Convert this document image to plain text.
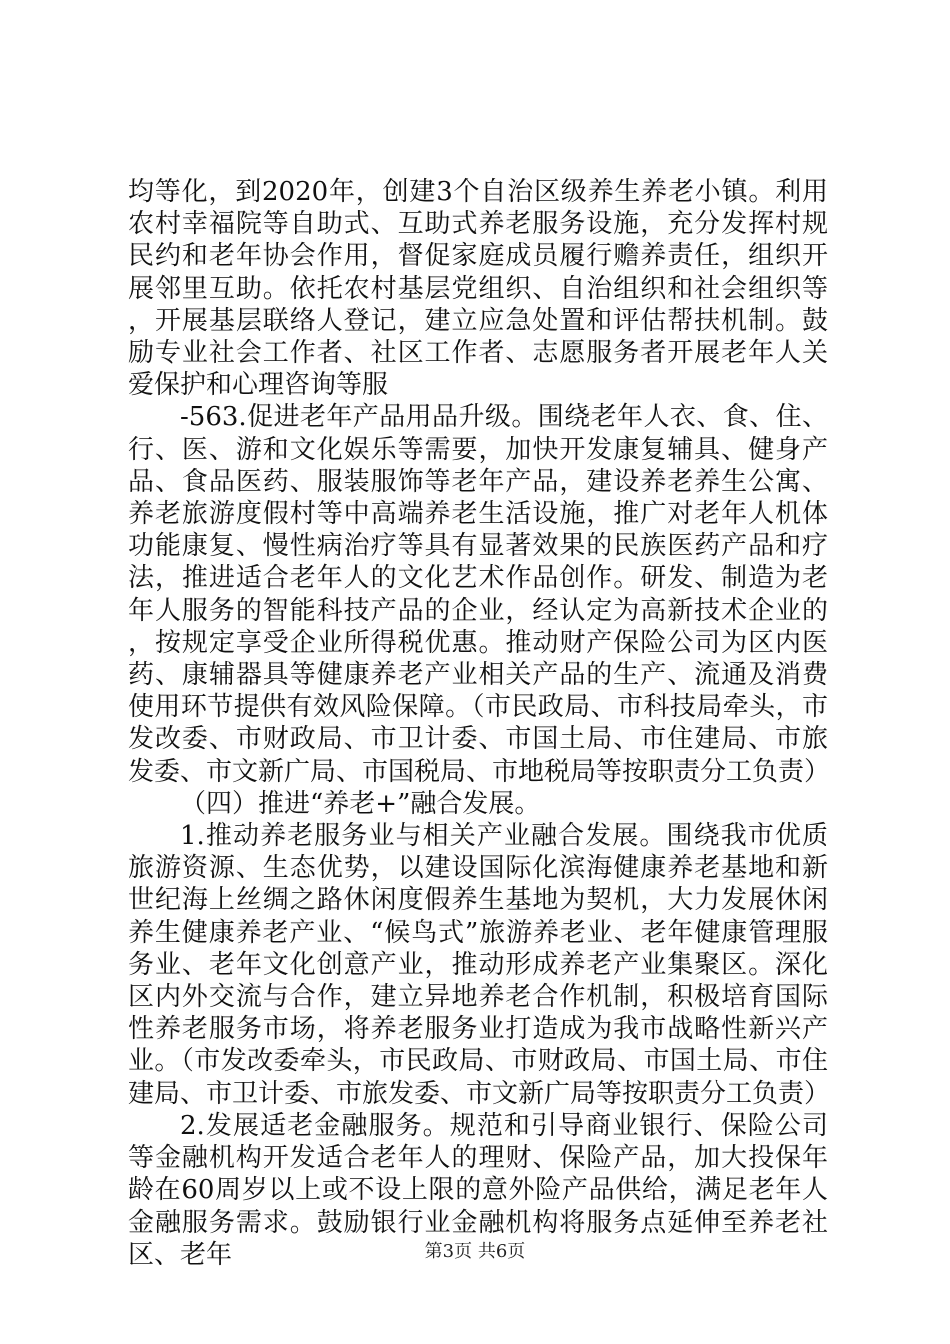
均等化，到2020年，创建3个自治区级养生养老小镇。利用农村幸福院等自助式、互助式养老服务设施，充分发挥村规民约和老年协会作用，督促家庭成员履行赡养责任，组织开展邻里互助。依托农村基层党组织、自治组织和社会组织等，开展基层联络人登记，建立应急处置和评估帮扶机制。鼓励专业社会工作者、社区工作者、志愿服务者开展老年人关爱保护和心理咨询等服

-563.促进老年产品用品升级。围绕老年人衣、食、住、行、医、游和文化娱乐等需要，加快开发康复辅具、健身产品、食品医药、服装服饰等老年产品，建设养老养生公寓、养老旅游度假村等中高端养老生活设施，推广对老年人机体功能康复、慢性病治疗等具有显著效果的民族医药产品和疗法，推进适合老年人的文化艺术作品创作。研发、制造为老年人服务的智能科技产品的企业，经认定为高新技术企业的，按规定享受企业所得税优惠。推动财产保险公司为区内医药、康辅器具等健康养老产业相关产品的生产、流通及消费使用环节提供有效风险保障。（市民政局、市科技局牵头，市发改委、市财政局、市卫计委、市国土局、市住建局、市旅发委、市文新广局、市国税局、市地税局等按职责分工负责）

（四）推进“养老+”融合发展。

1.推动养老服务业与相关产业融合发展。围绕我市优质旅游资源、生态优势，以建设国际化滨海健康养老基地和新世纪海上丝绸之路休闲度假养生基地为契机，大力发展休闲养生健康养老产业、“候鸟式”旅游养老业、老年健康管理服务业、老年文化创意产业，推动形成养老产业集聚区。深化区内外交流与合作，建立异地养老合作机制，积极培育国际性养老服务市场，将养老服务业打造成为我市战略性新兴产业。（市发改委牵头，市民政局、市财政局、市国土局、市住建局、市卫计委、市旅发委、市文新广局等按职责分工负责）

2.发展适老金融服务。规范和引导商业银行、保险公司等金融机构开发适合老年人的理财、保险产品，加大投保年龄在60周岁以上或不设上限的意外险产品供给，满足老年人金融服务需求。鼓励银行业金融机构将服务点延伸至养老社区、老年	第3页 共6页
